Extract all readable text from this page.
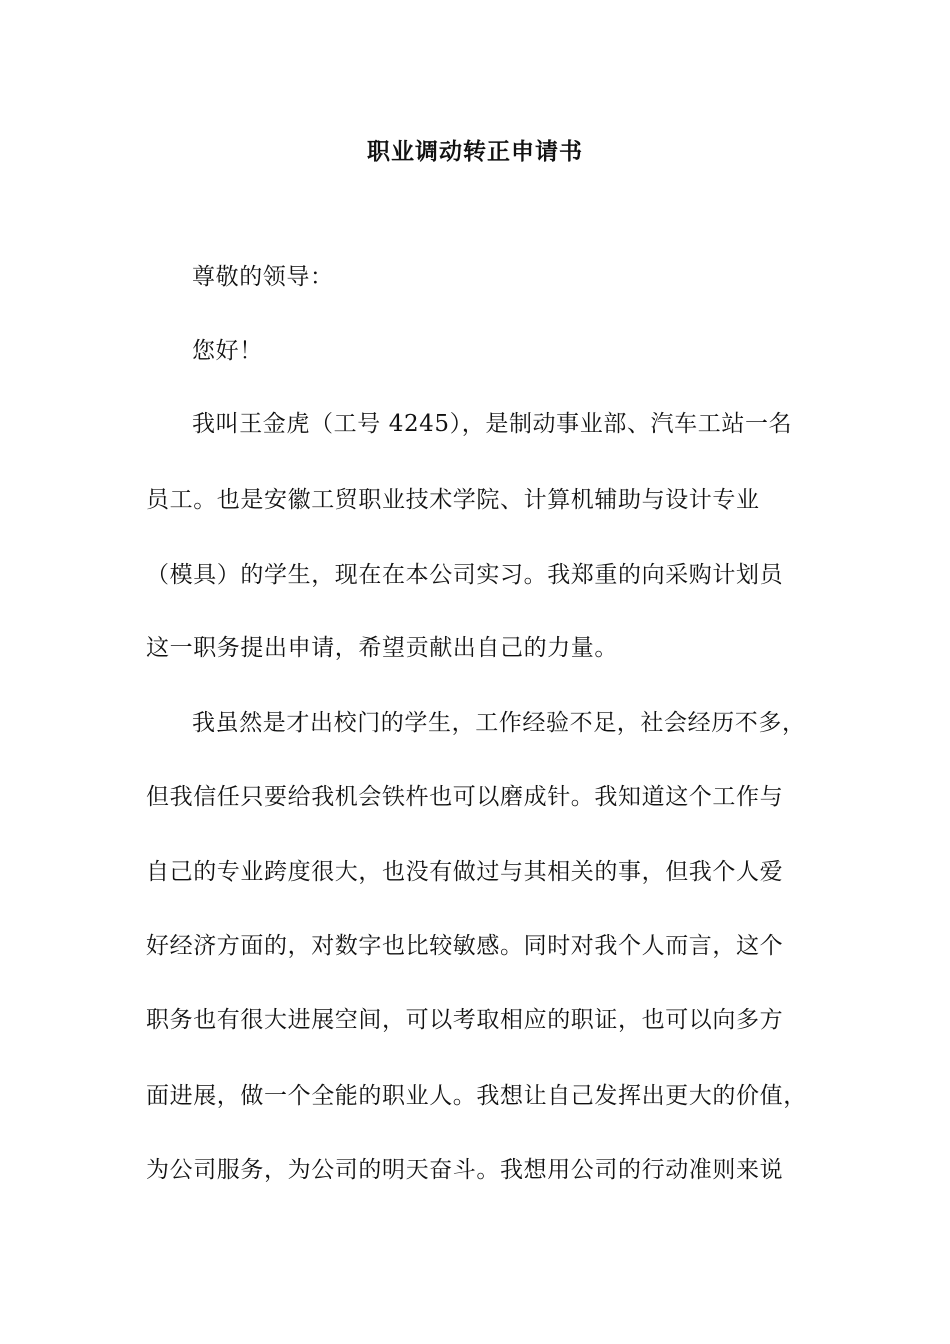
职业调动转正申请书
尊敬的领导：
您好！
我叫王金虎（工号 4245），是制动事业部、汽车工站一名
员工。也是安徽工贸职业技术学院、计算机辅助与设计专业
（模具）的学生，现在在本公司实习。我郑重的向采购计划员
这一职务提出申请，希望贡献出自己的力量。
我虽然是才出校门的学生，工作经验不足，社会经历不多，
但我信任只要给我机会铁杵也可以磨成针。我知道这个工作与
自己的专业跨度很大，也没有做过与其相关的事，但我个人爱
好经济方面的，对数字也比较敏感。同时对我个人而言，这个
职务也有很大进展空间，可以考取相应的职证，也可以向多方
面进展，做一个全能的职业人。我想让自己发挥出更大的价值，
为公司服务，为公司的明天奋斗。我想用公司的行动准则来说
